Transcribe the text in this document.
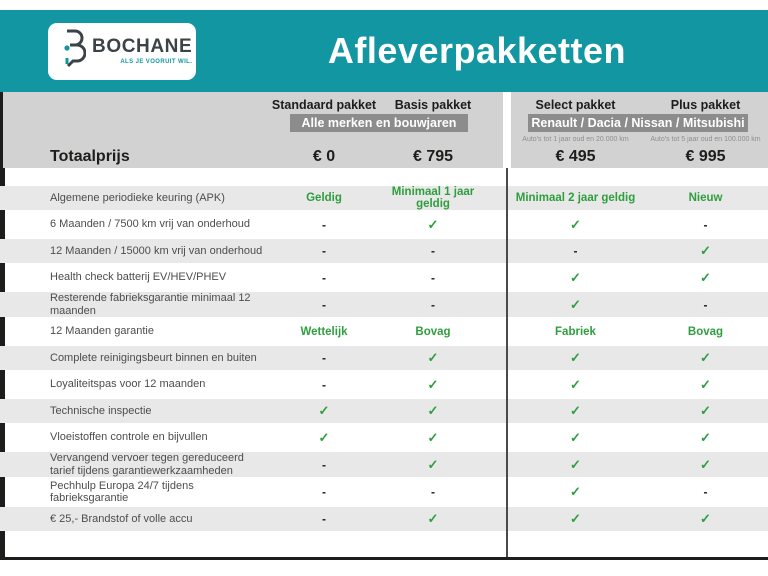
BOCHANE
ALS JE VOORUIT WIL.	Afleverpakketten
Standaard pakket	Basis pakket	Select pakket	Plus pakket
Alle merken en bouwjaren	Renault / Dacia / Nissan / Mitsubishi
Auto's tot 1 jaar oud en 20.000 km	Auto's tot 5 jaar oud en 100.000 km
Totaalprijs	€ 0	€ 795	€ 495	€ 995
Algemene periodieke keuring (APK)	Geldig	Minimaal 1 jaar geldig	Minimaal 2 jaar geldig	Nieuw
6 Maanden / 7500 km vrij van onderhoud	-	✓	✓	-
12 Maanden / 15000 km vrij van onderhoud	-	-	-	✓
Health check batterij EV/HEV/PHEV	-	-	✓	✓
Resterende fabrieksgarantie minimaal 12 maanden	-	-	✓	-
12 Maanden garantie	Wettelijk	Bovag	Fabriek	Bovag
Complete reinigingsbeurt binnen en buiten	-	✓	✓	✓
Loyaliteitspas voor 12 maanden	-	✓	✓	✓
Technische inspectie	✓	✓	✓	✓
Vloeistoffen controle en bijvullen	✓	✓	✓	✓
Vervangend vervoer tegen gereduceerd tarief tijdens garantiewerkzaamheden	-	✓	✓	✓
Pechhulp Europa 24/7 tijdens fabrieksgarantie	-	-	✓	-
€ 25,- Brandstof of volle accu	-	✓	✓	✓
